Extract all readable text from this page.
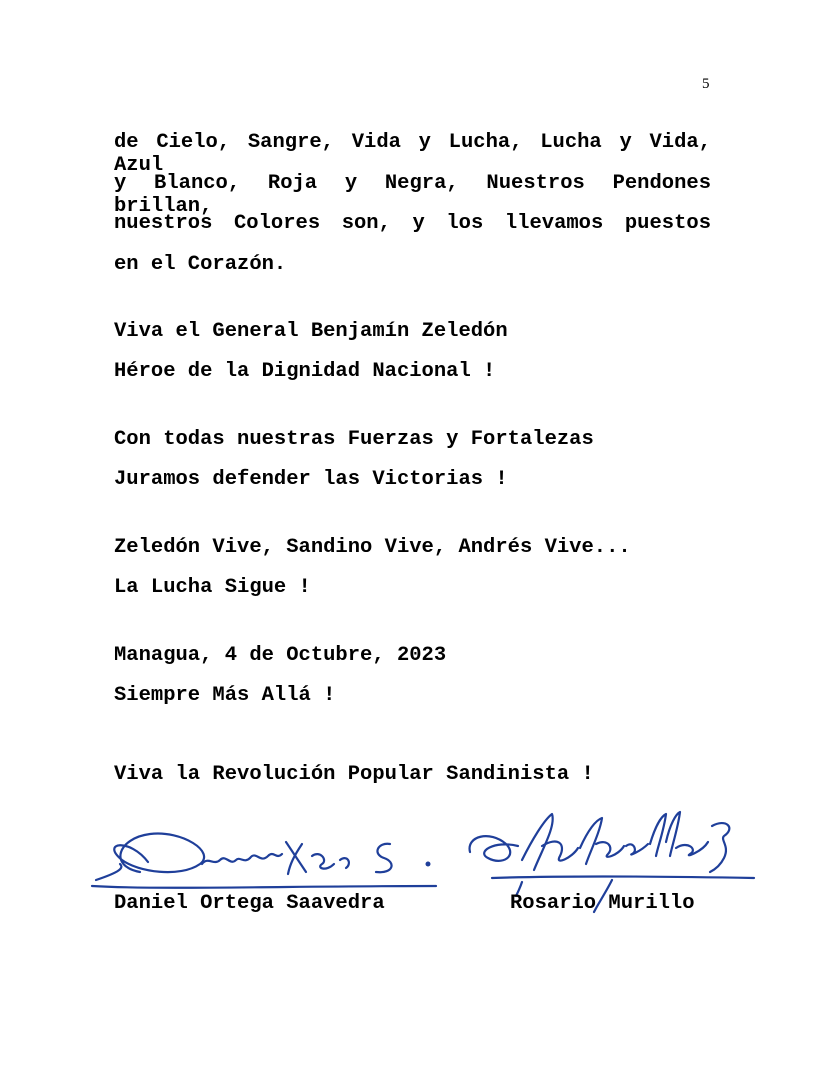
5
de Cielo, Sangre, Vida y Lucha, Lucha y Vida, Azul
y Blanco, Roja y Negra, Nuestros Pendones brillan,
nuestros Colores son, y los llevamos puestos
en el Corazón.
Viva el General Benjamín Zeledón
Héroe de la Dignidad Nacional !
Con todas nuestras Fuerzas y Fortalezas
Juramos defender las Victorias !
Zeledón Vive, Sandino Vive, Andrés Vive...
La Lucha Sigue !
Managua, 4 de Octubre, 2023
Siempre Más Allá !
Viva la Revolución Popular Sandinista !
Daniel Ortega Saavedra	Rosario Murillo
